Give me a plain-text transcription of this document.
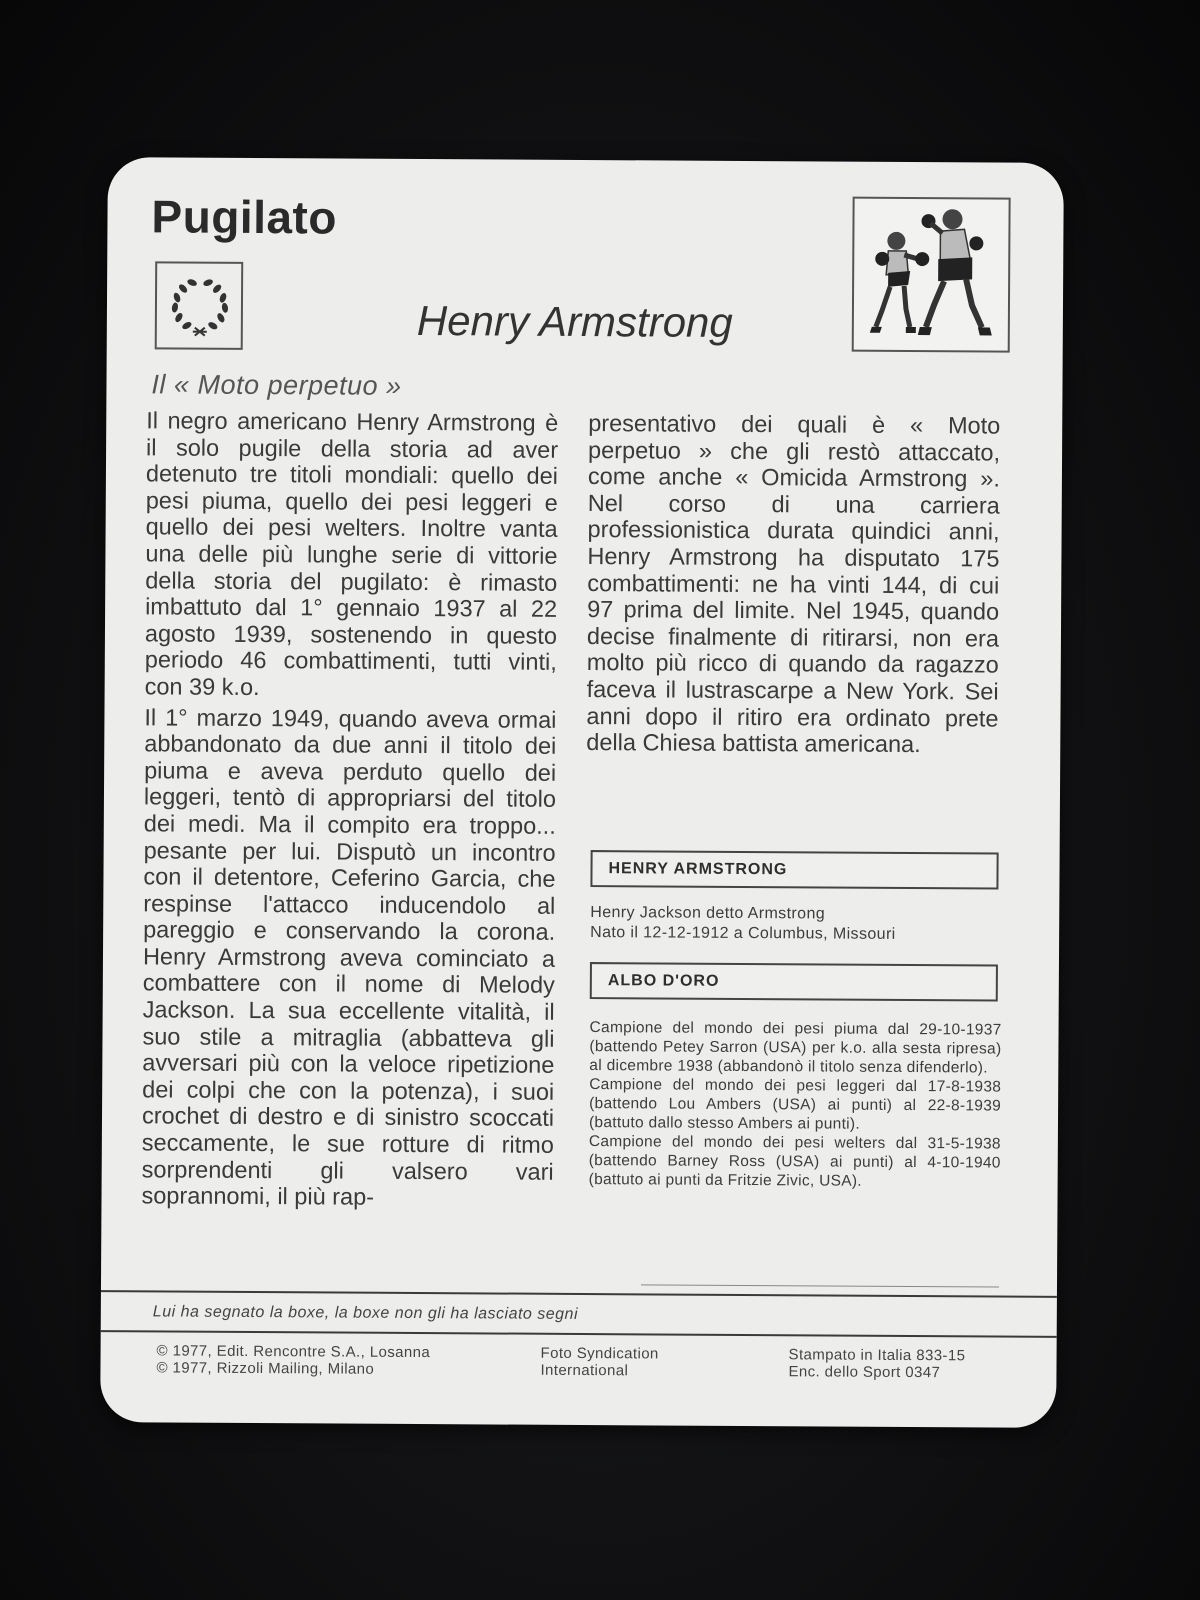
Pugilato
Henry Armstrong
Il « Moto perpetuo »

Il negro americano Henry Armstrong è il solo pugile della storia ad aver detenuto tre titoli mondiali: quello dei pesi piuma, quello dei pesi leggeri e quello dei pesi welters. Inoltre vanta una delle più lunghe serie di vittorie della storia del pugilato: è rimasto imbattuto dal 1° gennaio 1937 al 22 agosto 1939, sostenendo in questo periodo 46 combattimenti, tutti vinti, con 39 k.o.

Il 1° marzo 1949, quando aveva ormai abbandonato da due anni il titolo dei piuma e aveva perduto quello dei leggeri, tentò di appropriarsi del titolo dei medi. Ma il compito era troppo... pesante per lui. Disputò un incontro con il detentore, Ceferino Garcia, che respinse l'attacco inducendolo al pareggio e conservando la corona. Henry Armstrong aveva cominciato a combattere con il nome di Melody Jackson. La sua eccellente vitalità, il suo stile a mitraglia (abbatteva gli avversari più con la veloce ripetizione dei colpi che con la potenza), i suoi crochet di destro e di sinistro scoccati seccamente, le sue rotture di ritmo sorprendenti gli valsero vari soprannomi, il più rap-

presentativo dei quali è « Moto perpetuo » che gli restò attaccato, come anche « Omicida Armstrong ». Nel corso di una carriera professionistica durata quindici anni, Henry Armstrong ha disputato 175 combattimenti: ne ha vinti 144, di cui 97 prima del limite. Nel 1945, quando decise finalmente di ritirarsi, non era molto più ricco di quando da ragazzo faceva il lustrascarpe a New York. Sei anni dopo il ritiro era ordinato prete della Chiesa battista americana.

HENRY ARMSTRONG
Henry Jackson detto Armstrong
Nato il 12-12-1912 a Columbus, Missouri
ALBO D'ORO

Campione del mondo dei pesi piuma dal 29-10-1937 (battendo Petey Sarron (USA) per k.o. alla sesta ripresa) al dicembre 1938 (abbandonò il titolo senza difenderlo).

Campione del mondo dei pesi leggeri dal 17-8-1938 (battendo Lou Ambers (USA) ai punti) al 22-8-1939 (battuto dallo stesso Ambers ai punti).

Campione del mondo dei pesi welters dal 31-5-1938 (battendo Barney Ross (USA) ai punti) al 4-10-1940 (battuto ai punti da Fritzie Zivic, USA).

Lui ha segnato la boxe, la boxe non gli ha lasciato segni
© 1977, Edit. Rencontre S.A., Losanna
© 1977, Rizzoli Mailing, Milano
Foto Syndication
International
Stampato in Italia 833-15
Enc. dello Sport 0347
